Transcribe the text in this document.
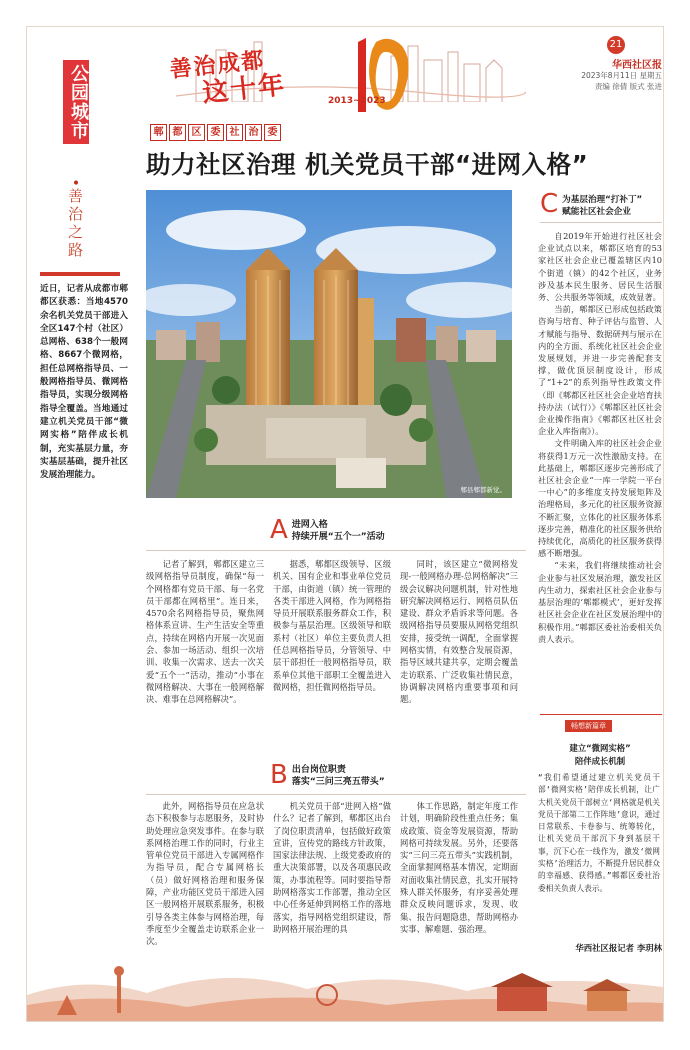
善治成都
这十年	2013~2023
21
华西社区报
2023年8月11日 星期五
责编 徐倩 版式 张进
公园城市
•
善治之路
近日，记者从成都市郫都区获悉：当地4570余名机关党员干部进入全区147个村（社区）总网格、638个一般网格、8667个微网格，担任总网格指导员、一般网格指导员、微网格指导员，实现分级网格指导全覆盖。当地通过建立机关党员干部“微网实格”陪伴成长机制，充实基层力量，夯实基层基础，提升社区发展治理能力。
郫 都 区 委 社 治 委
助力社区治理 机关党员干部“进网入格”
郫县郫都新觉。
C 为基层治理“打补丁”
赋能社区社会企业

自2019年开始进行社区社会企业试点以来，郫都区培育的53家社区社会企业已覆盖辖区内10个街道（镇）的42个社区，业务涉及基本民生服务、居民生活服务、公共服务等领域，成效显著。

当前，郫都区已形成包括政策咨询与培育、种子评估与监管、人才赋能与指导、数据研判与展示在内的全方面、系统化社区社会企业发展规划，并进一步完善配套支撑，做优顶层制度设计，形成了“1+2”的系列指导性政策文件（即《郫都区社区社会企业培育扶持办法（试行）》《郫都区社区社会企业操作指南》《郫都区社区社会企业入库指南》）。

文件明确入库的社区社会企业将获得1万元一次性激励支持。在此基础上，郫都区逐步完善形成了社区社会企业“一库一学院一平台一中心”的多维度支持发展矩阵及治理格局，多元化的社区服务资源不断汇聚，立体化的社区服务体系逐步完善，精准化的社区服务供给持续优化，高质化的社区服务获得感不断增强。

“未来，我们将继续推动社会企业参与社区发展治理，激发社区内生动力，探索社区社会企业参与基层治理的‘郫都模式’，更好发挥社区社会企业在社区发展治理中的积极作用。”郫都区委社治委相关负责人表示。

A 进网入格
持续开展“五个一”活动

记者了解到，郫都区建立三级网格指导员制度，确保“每一个网格都有党员干部、每一名党员干部都在网格里”。连日来，4570余名网格指导员，聚焦网格体系宣讲、生产生活安全等重点，持续在网格内开展一次见面会、参加一场活动、组织一次培训、收集一次需求、送去一次关爱“五个一”活动，推动“小事在微网格解决、大事在一般网格解决、难事在总网格解决”。

据悉，郫都区级领导、区级机关、国有企业和事业单位党员干部，由街道（镇）统一管理的各类干部进入网格，作为网格指导员开展联系服务群众工作，积极参与基层治理。区级领导和联系村（社区）单位主要负责人担任总网格指导员，分管领导、中层干部担任一般网格指导员，联系单位其他干部职工全覆盖进入微网格，担任微网格指导员。

同时，该区建立“微网格发现-一般网格办理-总网格解决”三级会议解决问题机制，针对性地研究解决网格运行、网格员队伍建设、群众矛盾诉求等问题。各级网格指导员要服从网格党组织安排，接受统一调配，全面掌握网格实情，有效整合发展资源，指导区域共建共享，定期会覆盖走访联系、广泛收集社情民意，协调解决网格内重要事项和问题。

B 出台岗位职责
落实“三问三亮五带头”

此外，网格指导员在应急状态下积极参与志愿服务，及时协助处理应急突发事件。在参与联系网格治理工作的同时，行业主管单位党员干部进入专属网格作为指导员，配合专属网格长（员）做好网格治理和服务保障，产业功能区党员干部进入园区一般网格开展联系服务，积极引导各类主体参与网格治理，每季度至少全覆盖走访联系企业一次。

机关党员干部“进网入格”做什么？记者了解到，郫都区出台了岗位职责清单，包括做好政策宣讲，宣传党的路线方针政策，国家法律法规、上级党委政府的重大决策部署，以及各项惠民政策，办事流程等。同时要指导帮助网格落实工作部署，推动全区中心任务延伸到网格工作的落地落实，指导网格党组织建设，帮助网格开展治理的具

体工作思路，制定年度工作计划，明确阶段性重点任务；集成政策、资金等发展资源，帮助网格可持续发展。另外，还要落实“三问三亮五带头”实践机制，全面掌握网格基本情况，定期面对面收集社情民意，扎实开展特殊人群关怀服务，有序妥善处理群众反映问题诉求，发现、收集、报告问题隐患，帮助网格办实事、解难题、强治理。

畅想新篇章
建立“微网实格”
陪伴成长机制
“我们希望通过建立机关党员干部‘微网实格’陪伴成长机制，让广大机关党员干部树立‘网格就是机关党员干部第二工作阵地’意识，通过日常联系、卡卷参与、统筹转化，让机关党员干部沉下身到基层干事，沉下心在一线作为，激发‘微网实格’治理活力，不断提升居民群众的幸福感、获得感。”郫都区委社治委相关负责人表示。
华西社区报记者 李玥林
